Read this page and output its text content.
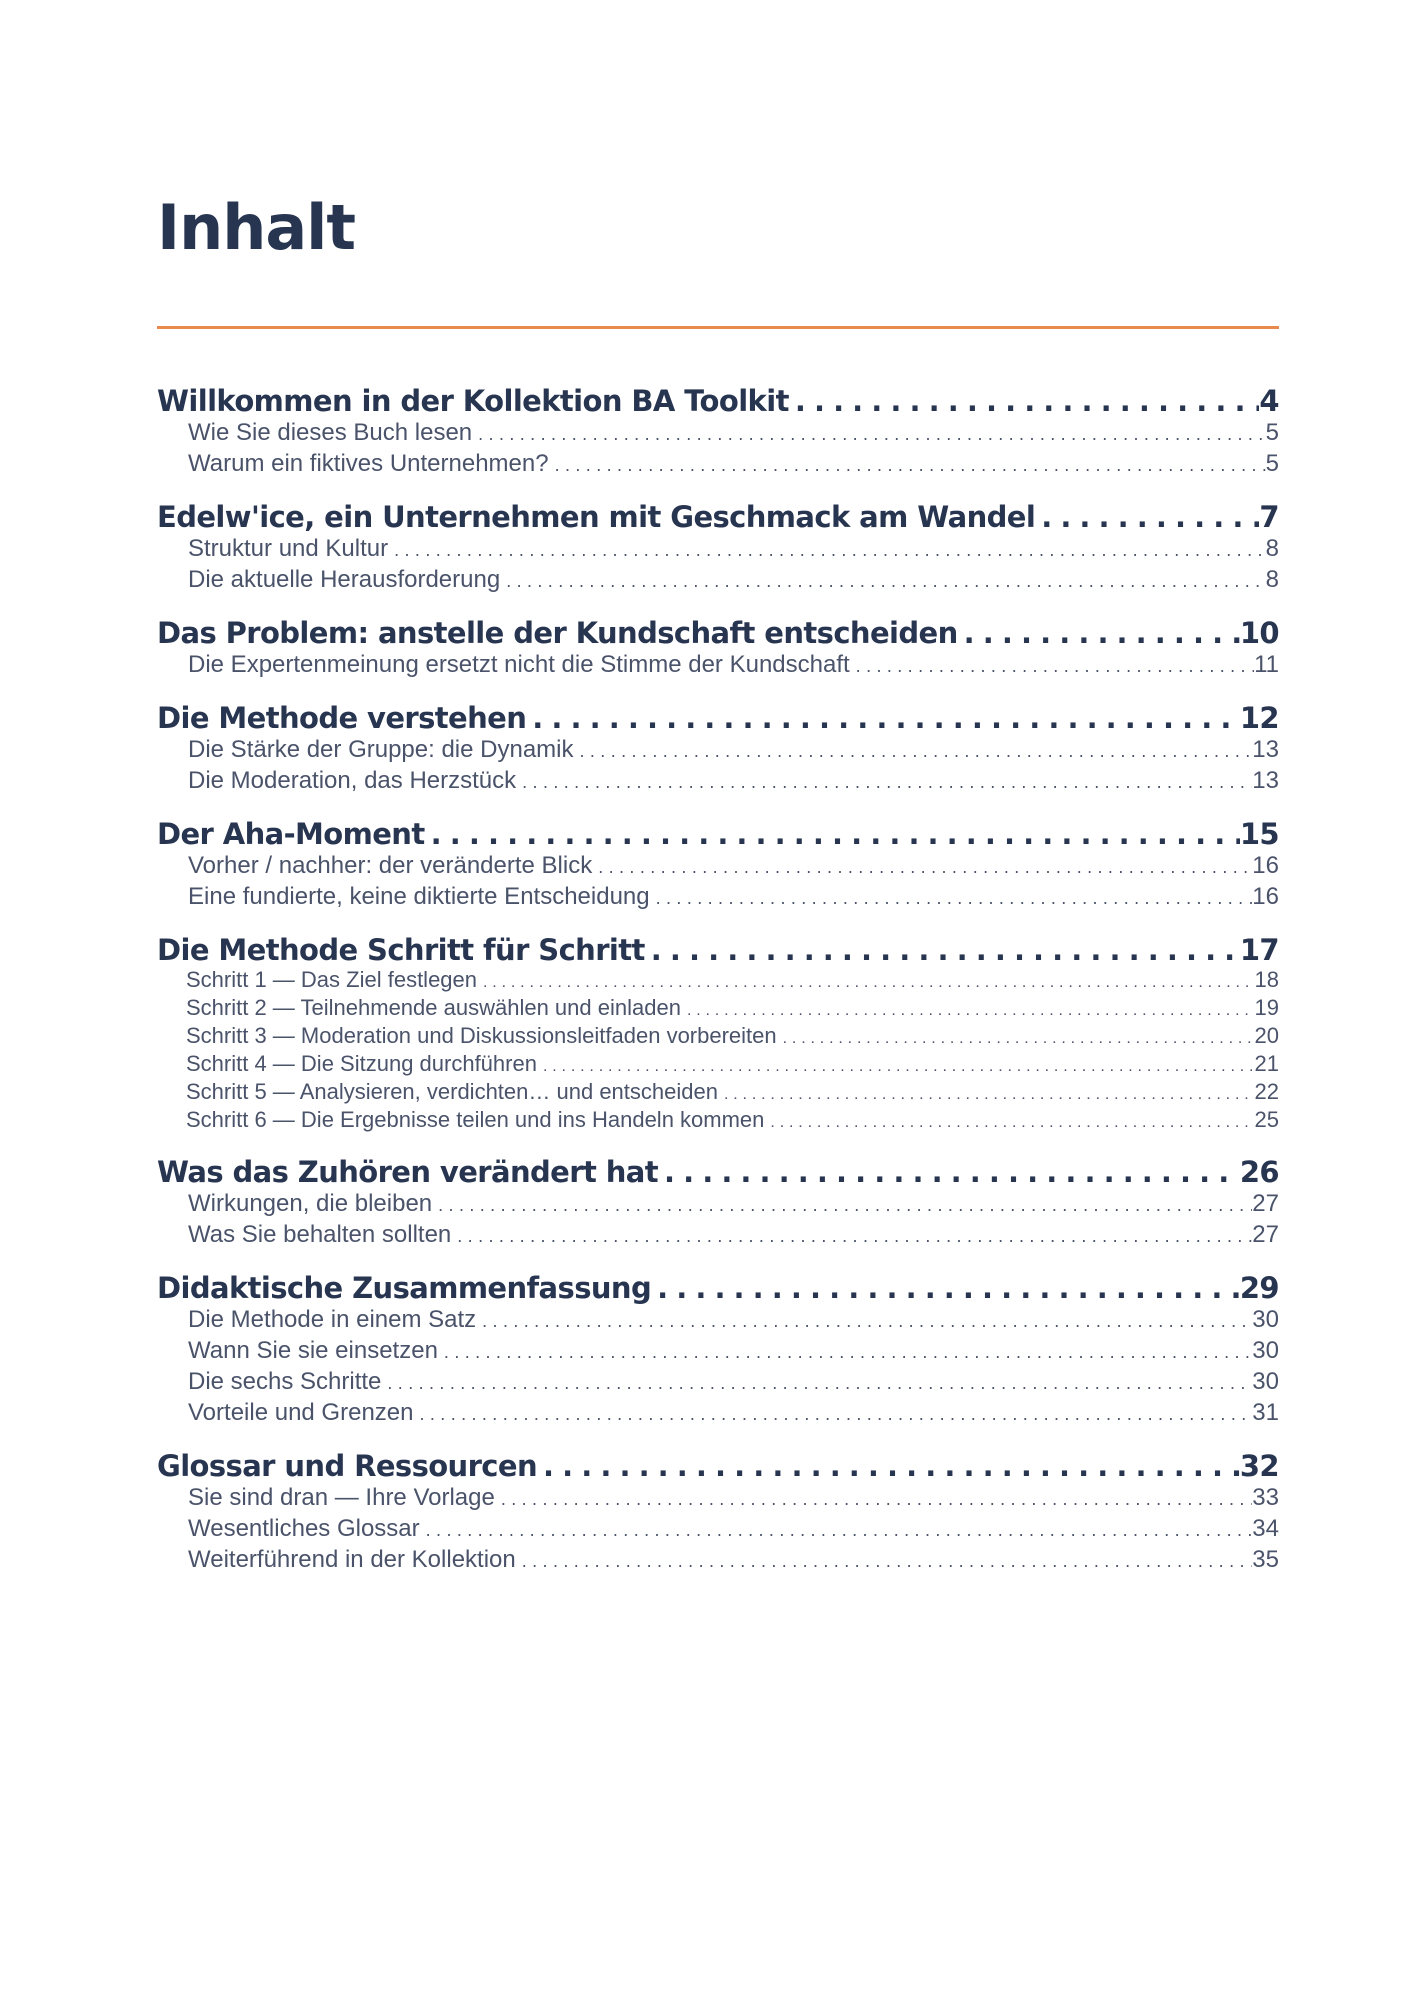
Inhalt
Willkommen in der Kollektion BA Toolkit . . .	4
Wie Sie dieses Buch lesen . . .	5
Warum ein fiktives Unternehmen? . . .	5
Edelw'ice, ein Unternehmen mit Geschmack am Wandel . . .	7
Struktur und Kultur . . .	8
Die aktuelle Herausforderung . . .	8
Das Problem: anstelle der Kundschaft entscheiden . . .	10
Die Expertenmeinung ersetzt nicht die Stimme der Kundschaft . . .	11
Die Methode verstehen . . .	12
Die Stärke der Gruppe: die Dynamik . . .	13
Die Moderation, das Herzstück . . .	13
Der Aha-Moment . . .	15
Vorher / nachher: der veränderte Blick . . .	16
Eine fundierte, keine diktierte Entscheidung . . .	16
Die Methode Schritt für Schritt . . .	17
Schritt 1 — Das Ziel festlegen . . .	18
Schritt 2 — Teilnehmende auswählen und einladen . . .	19
Schritt 3 — Moderation und Diskussionsleitfaden vorbereiten . . .	20
Schritt 4 — Die Sitzung durchführen . . .	21
Schritt 5 — Analysieren, verdichten… und entscheiden . . .	22
Schritt 6 — Die Ergebnisse teilen und ins Handeln kommen . . .	25
Was das Zuhören verändert hat . . .	26
Wirkungen, die bleiben . . .	27
Was Sie behalten sollten . . .	27
Didaktische Zusammenfassung . . .	29
Die Methode in einem Satz . . .	30
Wann Sie sie einsetzen . . .	30
Die sechs Schritte . . .	30
Vorteile und Grenzen . . .	31
Glossar und Ressourcen . . .	32
Sie sind dran — Ihre Vorlage . . .	33
Wesentliches Glossar . . .	34
Weiterführend in der Kollektion . . .	35
